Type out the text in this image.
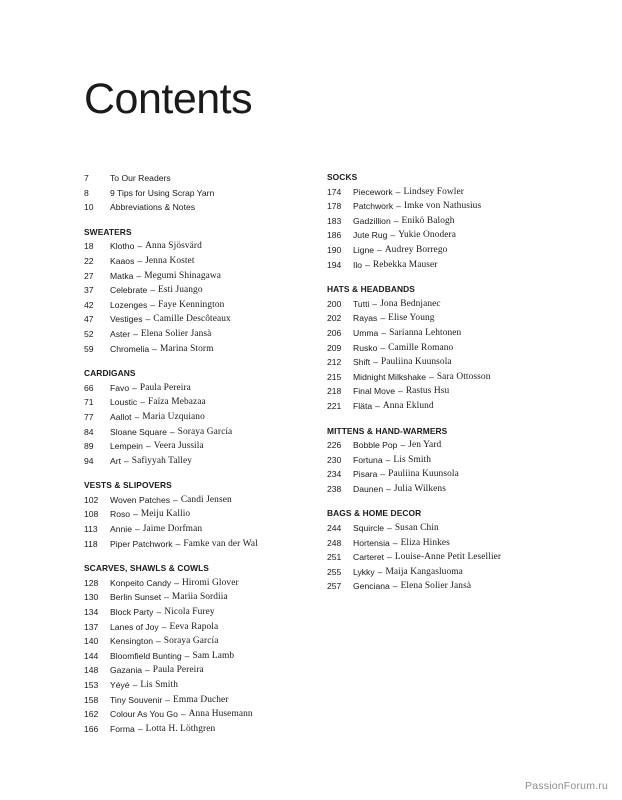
Contents
7	To Our Readers
8	9 Tips for Using Scrap Yarn
10	Abbreviations & Notes
SWEATERS
18	Klotho – Anna Sjösvärd
22	Kaaos – Jenna Kostet
27	Matka – Megumi Shinagawa
37	Celebrate – Esti Juango
42	Lozenges – Faye Kennington
47	Vestiges – Camille Descôteaux
52	Aster – Elena Solier Jansà
59	Chromelia – Marina Storm
CARDIGANS
66	Favo – Paula Pereira
71	Loustic – Faïza Mebazaa
77	Aallot – Maria Uzquiano
84	Sloane Square – Soraya García
89	Lempein – Veera Jussila
94	Art – Safiyyah Talley
VESTS & SLIPOVERS
102	Woven Patches – Candi Jensen
108	Roso – Meiju Kallio
113	Annie – Jaime Dorfman
118	Piper Patchwork – Famke van der Wal
SCARVES, SHAWLS & COWLS
128	Konpeito Candy – Hiromi Glover
130	Berlin Sunset – Mariia Sordiia
134	Block Party – Nicola Furey
137	Lanes of Joy – Eeva Rapola
140	Kensington – Soraya García
144	Bloomfield Bunting – Sam Lamb
148	Gazania – Paula Pereira
153	Yéyé – Lis Smith
158	Tiny Souvenir – Emma Ducher
162	Colour As You Go – Anna Husemann
166	Forma – Lotta H. Löthgren
SOCKS
174	Piecework – Lindsey Fowler
178	Patchwork – Imke von Nathusius
183	Gadzillion – Enikö Balogh
186	Jute Rug – Yukie Onodera
190	Ligne – Audrey Borrego
194	Ilo – Rebekka Mauser
HATS & HEADBANDS
200	Tutti – Jona Bednjanec
202	Rayas – Elise Young
206	Umma – Sarianna Lehtonen
209	Rusko – Camille Romano
212	Shift – Pauliina Kuunsola
215	Midnight Milkshake – Sara Ottosson
218	Final Move – Rastus Hsu
221	Fläta – Anna Eklund
MITTENS & HAND-WARMERS
226	Bobble Pop – Jen Yard
230	Fortuna – Lis Smith
234	Pisara – Pauliina Kuunsola
238	Daunen – Julia Wilkens
BAGS & HOME DECOR
244	Squircle – Susan Chin
248	Hortensia – Eliza Hinkes
251	Carteret – Louise-Anne Petit Lesellier
255	Lykky – Maija Kangasluoma
257	Genciana – Elena Solier Jansà
PassionForum.ru
